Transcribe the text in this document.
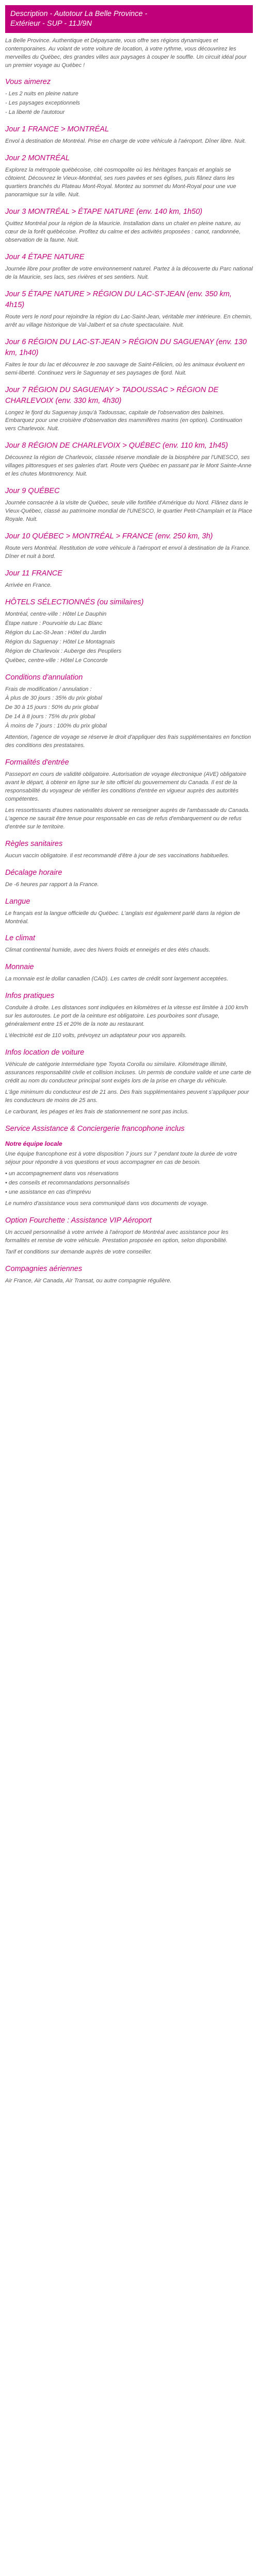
Description - Autotour La Belle Province -
Extérieur - SUP - 11J/9N

La Belle Province. Authentique et Dépaysante, vous offre ses régions dynamiques et contemporaines. Au volant de votre voiture de location, à votre rythme, vous découvrirez les merveilles du Québec, des grandes villes aux paysages à couper le souffle. Un circuit idéal pour un premier voyage au Québec !

Vous aimerez
- Les 2 nuits en pleine nature
- Les paysages exceptionnels
- La liberté de l'autotour
Jour 1 FRANCE > MONTRÉAL

Envol à destination de Montréal. Prise en charge de votre véhicule à l'aéroport. Dîner libre. Nuit.

Jour 2 MONTRÉAL

Explorez la métropole québécoise, cité cosmopolite où les héritages français et anglais se côtoient. Découvrez le Vieux-Montréal, ses rues pavées et ses églises, puis flânez dans les quartiers branchés du Plateau Mont-Royal. Montez au sommet du Mont-Royal pour une vue panoramique sur la ville. Nuit.

Jour 3 MONTRÉAL > ÉTAPE NATURE (env. 140 km, 1h50)

Quittez Montréal pour la région de la Mauricie. Installation dans un chalet en pleine nature, au cœur de la forêt québécoise. Profitez du calme et des activités proposées : canot, randonnée, observation de la faune. Nuit.

Jour 4 ÉTAPE NATURE

Journée libre pour profiter de votre environnement naturel. Partez à la découverte du Parc national de la Mauricie, ses lacs, ses rivières et ses sentiers. Nuit.

Jour 5 ÉTAPE NATURE > RÉGION DU LAC-ST-JEAN (env. 350 km, 4h15)

Route vers le nord pour rejoindre la région du Lac-Saint-Jean, véritable mer intérieure. En chemin, arrêt au village historique de Val-Jalbert et sa chute spectaculaire. Nuit.

Jour 6 RÉGION DU LAC-ST-JEAN > RÉGION DU SAGUENAY (env. 130 km, 1h40)

Faites le tour du lac et découvrez le zoo sauvage de Saint-Félicien, où les animaux évoluent en semi-liberté. Continuez vers le Saguenay et ses paysages de fjord. Nuit.

Jour 7 RÉGION DU SAGUENAY > TADOUSSAC > RÉGION DE CHARLEVOIX (env. 330 km, 4h30)

Longez le fjord du Saguenay jusqu'à Tadoussac, capitale de l'observation des baleines. Embarquez pour une croisière d'observation des mammifères marins (en option). Continuation vers Charlevoix. Nuit.

Jour 8 RÉGION DE CHARLEVOIX > QUÉBEC (env. 110 km, 1h45)

Découvrez la région de Charlevoix, classée réserve mondiale de la biosphère par l'UNESCO, ses villages pittoresques et ses galeries d'art. Route vers Québec en passant par le Mont Sainte-Anne et les chutes Montmorency. Nuit.

Jour 9 QUÉBEC

Journée consacrée à la visite de Québec, seule ville fortifiée d'Amérique du Nord. Flânez dans le Vieux-Québec, classé au patrimoine mondial de l'UNESCO, le quartier Petit-Champlain et la Place Royale. Nuit.

Jour 10 QUÉBEC > MONTRÉAL > FRANCE (env. 250 km, 3h)

Route vers Montréal. Restitution de votre véhicule à l'aéroport et envol à destination de la France. Dîner et nuit à bord.

Jour 11 FRANCE

Arrivée en France.

HÔTELS SÉLECTIONNÉS (ou similaires)
Montréal, centre-ville : Hôtel Le Dauphin
Étape nature : Pourvoirie du Lac Blanc
Région du Lac-St-Jean : Hôtel du Jardin
Région du Saguenay : Hôtel Le Montagnais
Région de Charlevoix : Auberge des Peupliers
Québec, centre-ville : Hôtel Le Concorde
Conditions d'annulation
Frais de modification / annulation :
À plus de 30 jours : 35% du prix global
De 30 à 15 jours : 50% du prix global
De 14 à 8 jours : 75% du prix global
À moins de 7 jours : 100% du prix global

Attention, l'agence de voyage se réserve le droit d'appliquer des frais supplémentaires en fonction des conditions des prestataires.

Formalités d'entrée

Passeport en cours de validité obligatoire. Autorisation de voyage électronique (AVE) obligatoire avant le départ, à obtenir en ligne sur le site officiel du gouvernement du Canada. Il est de la responsabilité du voyageur de vérifier les conditions d'entrée en vigueur auprès des autorités compétentes.

Les ressortissants d'autres nationalités doivent se renseigner auprès de l'ambassade du Canada. L'agence ne saurait être tenue pour responsable en cas de refus d'embarquement ou de refus d'entrée sur le territoire.

Règles sanitaires

Aucun vaccin obligatoire. Il est recommandé d'être à jour de ses vaccinations habituelles.

Décalage horaire

De -6 heures par rapport à la France.

Langue

Le français est la langue officielle du Québec. L'anglais est également parlé dans la région de Montréal.

Le climat

Climat continental humide, avec des hivers froids et enneigés et des étés chauds.

Monnaie

La monnaie est le dollar canadien (CAD). Les cartes de crédit sont largement acceptées.

Infos pratiques

Conduite à droite. Les distances sont indiquées en kilomètres et la vitesse est limitée à 100 km/h sur les autoroutes. Le port de la ceinture est obligatoire. Les pourboires sont d'usage, généralement entre 15 et 20% de la note au restaurant.

L'électricité est de 110 volts, prévoyez un adaptateur pour vos appareils.

Infos location de voiture

Véhicule de catégorie Intermédiaire type Toyota Corolla ou similaire. Kilométrage illimité, assurances responsabilité civile et collision incluses. Un permis de conduire valide et une carte de crédit au nom du conducteur principal sont exigés lors de la prise en charge du véhicule.

L'âge minimum du conducteur est de 21 ans. Des frais supplémentaires peuvent s'appliquer pour les conducteurs de moins de 25 ans.

Le carburant, les péages et les frais de stationnement ne sont pas inclus.

Service Assistance & Conciergerie francophone inclus
Notre équipe locale

Une équipe francophone est à votre disposition 7 jours sur 7 pendant toute la durée de votre séjour pour répondre à vos questions et vous accompagner en cas de besoin.

• un accompagnement dans vos réservations
• des conseils et recommandations personnalisés
• une assistance en cas d'imprévu

Le numéro d'assistance vous sera communiqué dans vos documents de voyage.

Option Fourchette : Assistance VIP Aéroport

Un accueil personnalisé à votre arrivée à l'aéroport de Montréal avec assistance pour les formalités et remise de votre véhicule. Prestation proposée en option, selon disponibilité.

Tarif et conditions sur demande auprès de votre conseiller.

Compagnies aériennes

Air France, Air Canada, Air Transat, ou autre compagnie régulière.
